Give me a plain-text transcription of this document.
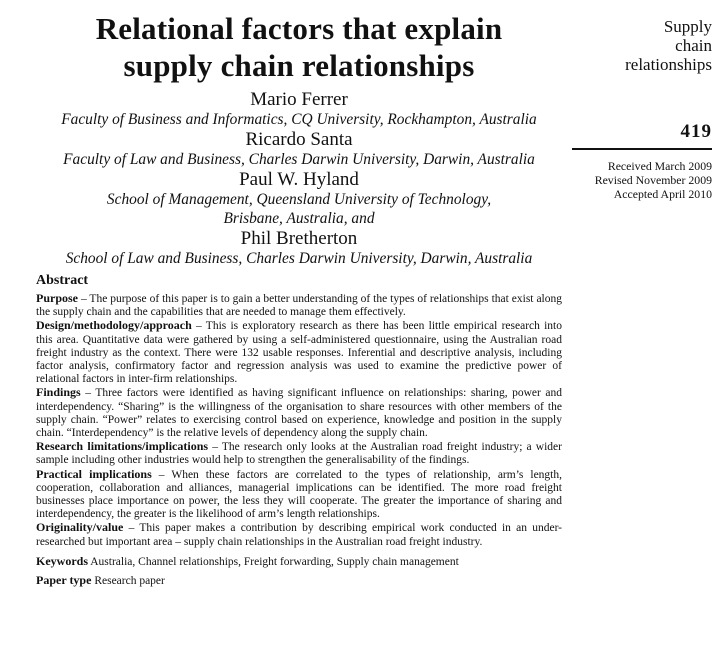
Relational factors that explain
supply chain relationships
Mario Ferrer
Faculty of Business and Informatics, CQ University, Rockhampton, Australia
Ricardo Santa
Faculty of Law and Business, Charles Darwin University, Darwin, Australia
Paul W. Hyland
School of Management, Queensland University of Technology,
Brisbane, Australia, and
Phil Bretherton
School of Law and Business, Charles Darwin University, Darwin, Australia
Supply
chain
relationships
419
Received March 2009
Revised November 2009
Accepted April 2010
Abstract

Purpose – The purpose of this paper is to gain a better understanding of the types of relationships that exist along the supply chain and the capabilities that are needed to manage them effectively.

Design/methodology/approach – This is exploratory research as there has been little empirical research into this area. Quantitative data were gathered by using a self-administered questionnaire, using the Australian road freight industry as the context. There were 132 usable responses. Inferential and descriptive analysis, including factor analysis, confirmatory factor and regression analysis was used to examine the predictive power of relational factors in inter-firm relationships.

Findings – Three factors were identified as having significant influence on relationships: sharing, power and interdependency. “Sharing” is the willingness of the organisation to share resources with other members of the supply chain. “Power” relates to exercising control based on experience, knowledge and position in the supply chain. “Interdependency” is the relative levels of dependency along the supply chain.

Research limitations/implications – The research only looks at the Australian road freight industry; a wider sample including other industries would help to strengthen the generalisability of the findings.

Practical implications – When these factors are correlated to the types of relationship, arm’s length, cooperation, collaboration and alliances, managerial implications can be identified. The more road freight businesses place importance on power, the less they will cooperate. The greater the importance of sharing and interdependency, the greater is the likelihood of arm’s length relationships.

Originality/value – This paper makes a contribution by describing empirical work conducted in an under-researched but important area – supply chain relationships in the Australian road freight industry.

Keywords Australia, Channel relationships, Freight forwarding, Supply chain management
Paper type Research paper
